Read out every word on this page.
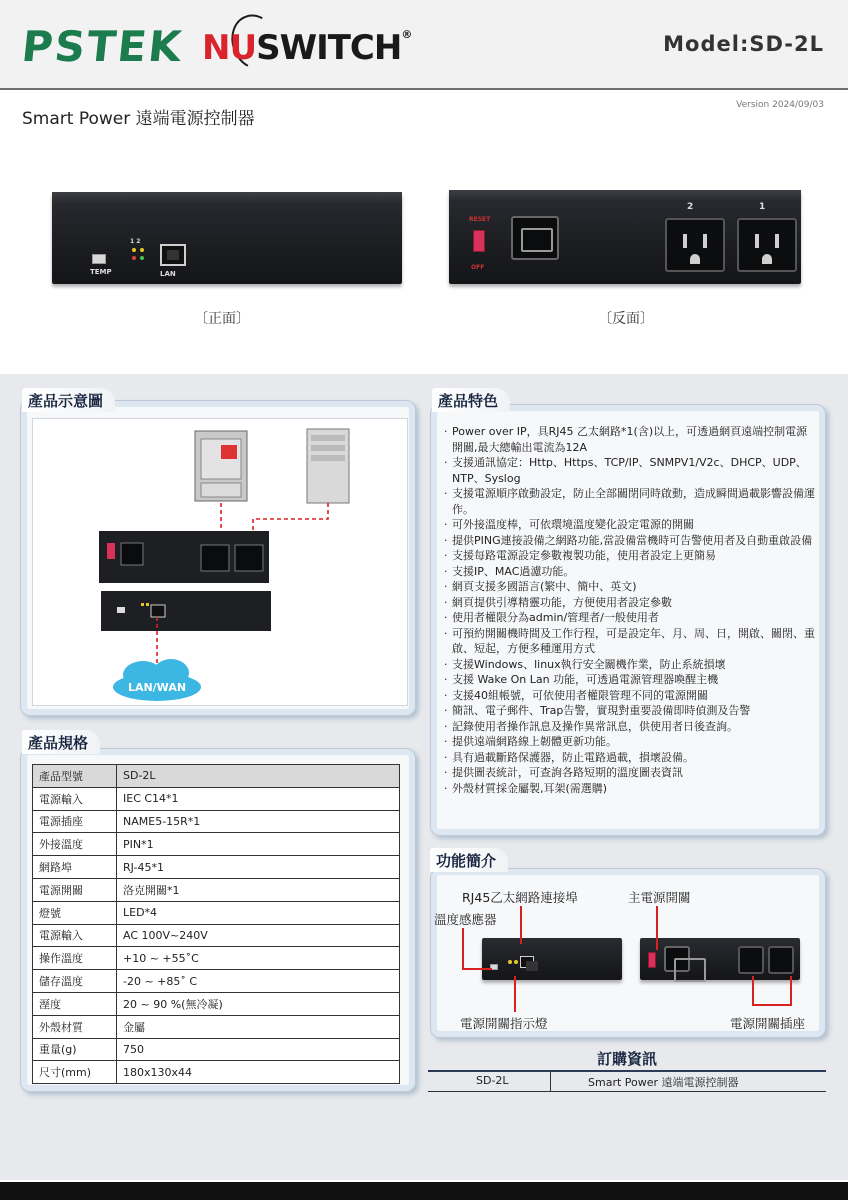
PSTEK NUSWITCH®	Model:SD-2L
Smart Power 遠端電源控制器
Version 2024/09/03
TEMP
1 2
LAN
〔正面〕
RESET
OFF
2	1
〔反面〕
產品示意圖
LAN/WAN
產品規格
產品型號	SD-2L
電源輸入	IEC C14*1
電源插座	NAME5-15R*1
外接溫度	PIN*1
網路埠	RJ-45*1
電源開關	洛克開關*1
燈號	LED*4
電源輸入	AC 100V~240V
操作溫度	+10 ~ +55˚C
儲存溫度	-20 ~ +85˚ C
溼度	20 ~ 90 %(無冷凝)
外殼材質	金屬
重量(g)	750
尺寸(mm)	180x130x44
產品特色
· Power over IP，具RJ45 乙太網路*1(含)以上，可透過網頁遠端控制電源開關,最大總輸出電流為12A
· 支援通訊協定：Http、Https、TCP/IP、SNMPV1/V2c、DHCP、UDP、NTP、Syslog
· 支援電源順序啟動設定，防止全部關閉同時啟動，造成瞬間過載影響設備運作。
· 可外接溫度棒，可依環境溫度變化設定電源的開關
· 提供PING連接設備之網路功能,當設備當機時可告警使用者及自動重啟設備
· 支援每路電源設定參數複製功能，使用者設定上更簡易
· 支援IP、MAC過濾功能。
· 網頁支援多國語言(繁中、簡中、英文)
· 網頁提供引導精靈功能，方便使用者設定參數
· 使用者權限分為admin/管理者/一般使用者
· 可預約開關機時間及工作行程，可是設定年、月、周、日，開啟、關閉、重啟、短起，方便多種運用方式
· 支援Windows、linux執行安全關機作業，防止系統損壞
· 支援 Wake On Lan 功能，可透過電源管理器喚醒主機
· 支援40組帳號，可依使用者權限管理不同的電源開關
· 簡訊、電子郵件、Trap告警，實現對重要設備即時偵測及告警
· 記錄使用者操作訊息及操作異常訊息，供使用者日後查詢。
· 提供遠端網路線上韌體更新功能。
· 具有過載斷路保護器，防止電路過載，損壞設備。
· 提供圖表統計，可查詢各路短期的溫度圖表資訊
· 外殼材質採金屬製,耳架(需選購)
功能簡介
RJ45乙太網路連接埠	主電源開關
溫度感應器
電源開關指示燈	電源開關插座
訂購資訊
SD-2L	Smart Power 遠端電源控制器
